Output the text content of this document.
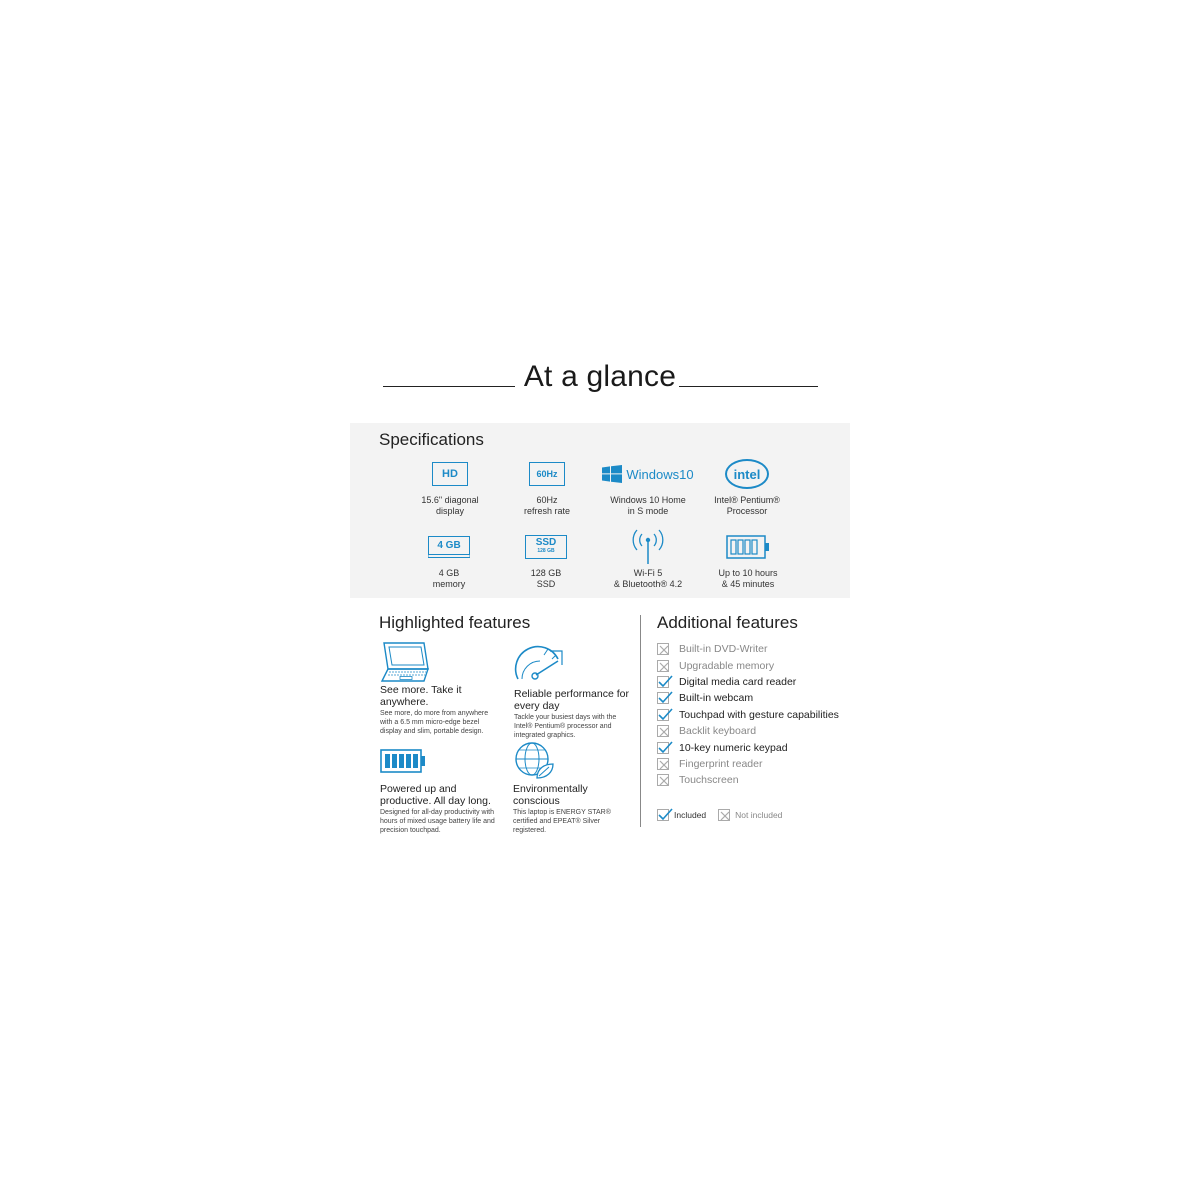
At a glance
Specifications
HD
15.6" diagonal
display
60Hz
60Hz
refresh rate
Windows10
Windows 10 Home
in S mode
intel
Intel® Pentium®
Processor
4 GB
4 GB
memory
SSD
128 GB
128 GB
SSD
Wi-Fi 5
& Bluetooth® 4.2
Up to 10 hours
& 45 minutes
Highlighted features
See more. Take it anywhere.
See more, do more from anywhere with a 6.5 mm micro-edge bezel display and slim, portable design.
Reliable performance for every day
Tackle your busiest days with the Intel® Pentium® processor and integrated graphics.
Powered up and productive. All day long.
Designed for all-day productivity with hours of mixed usage battery life and precision touchpad.
Environmentally conscious
This laptop is ENERGY STAR® certified and EPEAT® Silver registered.
Additional features
Built-in DVD-Writer
Upgradable memory
Digital media card reader
Built-in webcam
Touchpad with gesture capabilities
Backlit keyboard
10-key numeric keypad
Fingerprint reader
Touchscreen
Included	Not included
